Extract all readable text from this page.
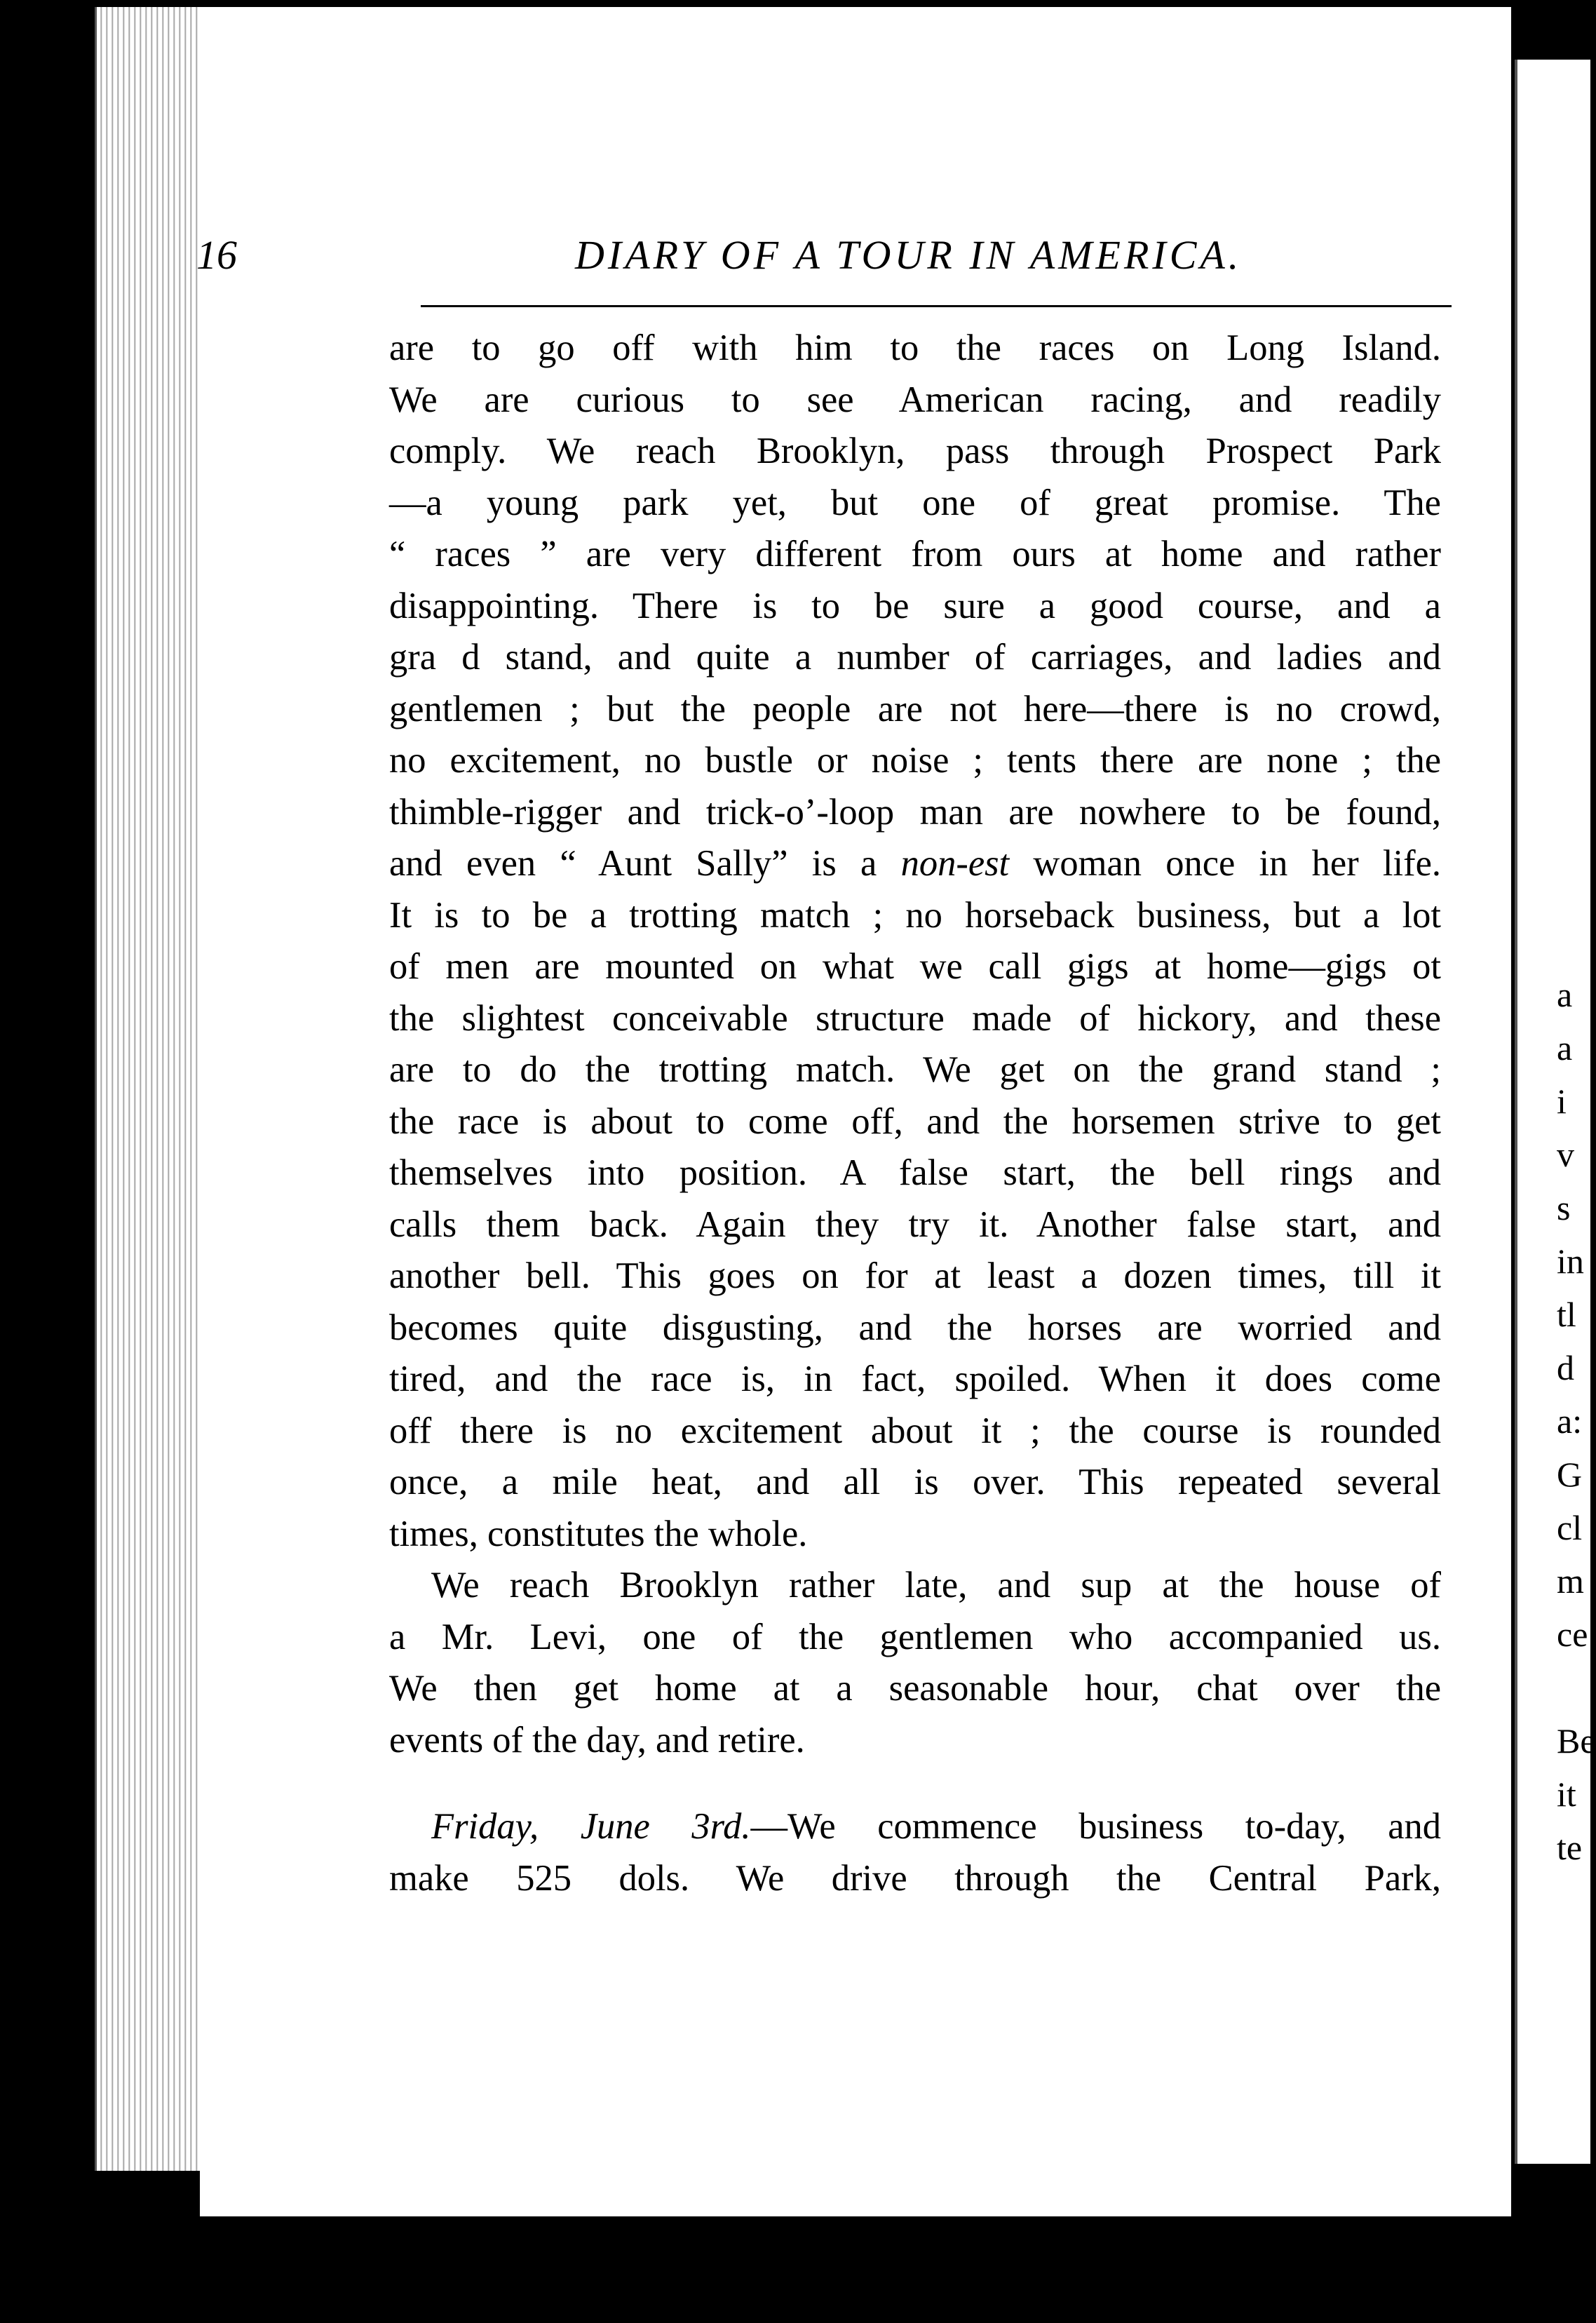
a
a
i
v
s
in
tl
d
a:
G
cl
m
ce
Be
it
te
16	DIARY OF A TOUR IN AMERICA.
are to go off with him to the races on Long Island.
We are curious to see American racing, and readily
comply. We reach Brooklyn, pass through Prospect Park
—a young park yet, but one of great promise. The
“ races ” are very different from ours at home and rather
disappointing. There is to be sure a good course, and a
gra d stand, and quite a number of carriages, and ladies and
gentlemen ; but the people are not here—there is no crowd,
no excitement, no bustle or noise ; tents there are none ; the
thimble-rigger and trick-o’-loop man are nowhere to be found,
and even “ Aunt Sally” is a non-est woman once in her life.
It is to be a trotting match ; no horseback business, but a lot
of men are mounted on what we call gigs at home—gigs ot
the slightest conceivable structure made of hickory, and these
are to do the trotting match. We get on the grand stand ;
the race is about to come off, and the horsemen strive to get
themselves into position. A false start, the bell rings and
calls them back. Again they try it. Another false start, and
another bell. This goes on for at least a dozen times, till it
becomes quite disgusting, and the horses are worried and
tired, and the race is, in fact, spoiled. When it does come
off there is no excitement about it ; the course is rounded
once, a mile heat, and all is over. This repeated several
times, constitutes the whole.
We reach Brooklyn rather late, and sup at the house of
a Mr. Levi, one of the gentlemen who accompanied us.
We then get home at a seasonable hour, chat over the
events of the day, and retire.
Friday, June 3rd.—We commence business to-day, and
make 525 dols. We drive through the Central Park,
